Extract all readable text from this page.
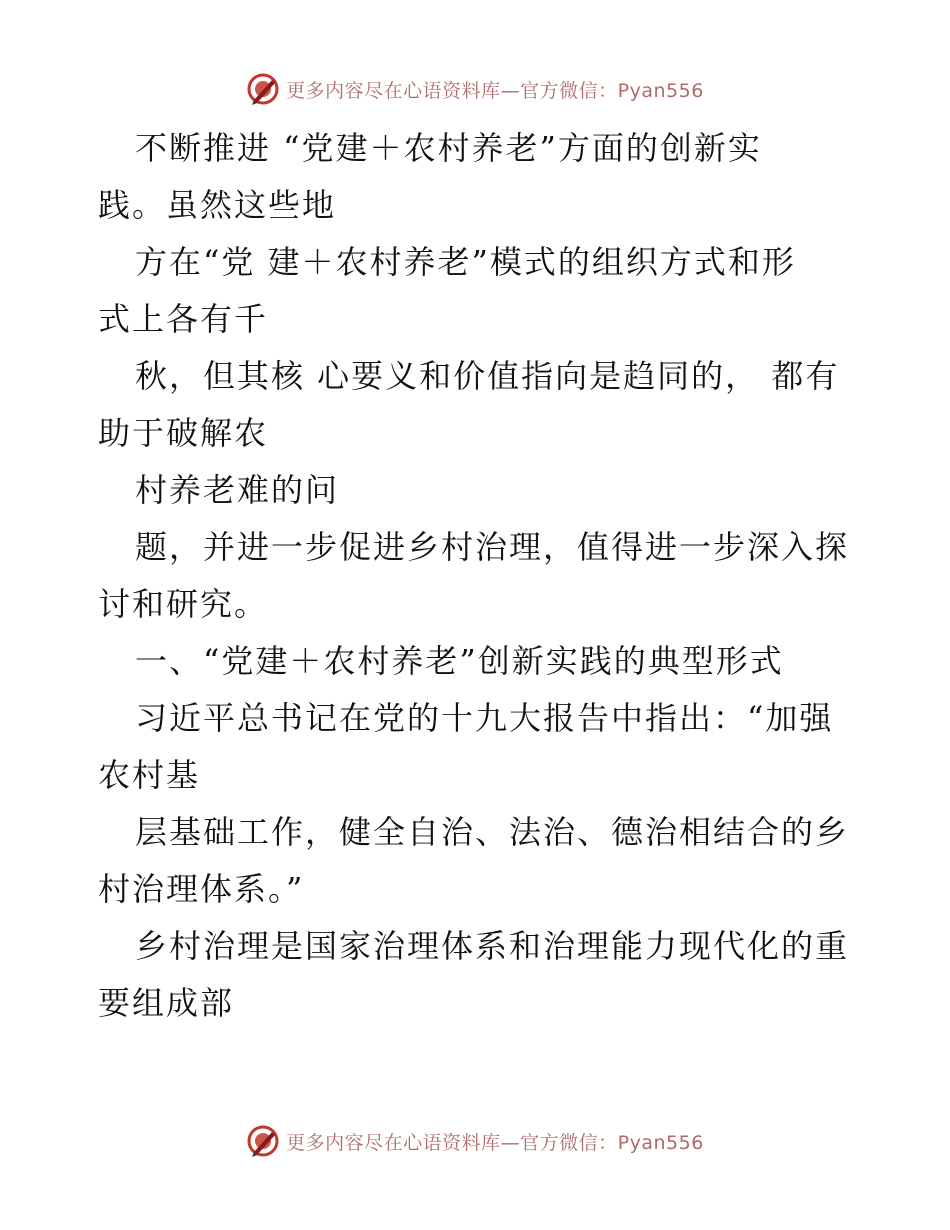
更多内容尽在心语资料库—官方微信：Pyan556
不断推进 “党建＋农村养老”方面的创新实
践。虽然这些地
方在“党 建＋农村养老”模式的组织方式和形
式上各有千
秋，但其核 心要义和价值指向是趋同的， 都有
助于破解农
村养老难的问
题，并进一步促进乡村治理，值得进一步深入探
讨和研究。
一、“党建＋农村养老”创新实践的典型形式
习近平总书记在党的十九大报告中指出：“加强
农村基
层基础工作，健全自治、法治、德治相结合的乡
村治理体系。”
乡村治理是国家治理体系和治理能力现代化的重
要组成部
更多内容尽在心语资料库—官方微信：Pyan556
